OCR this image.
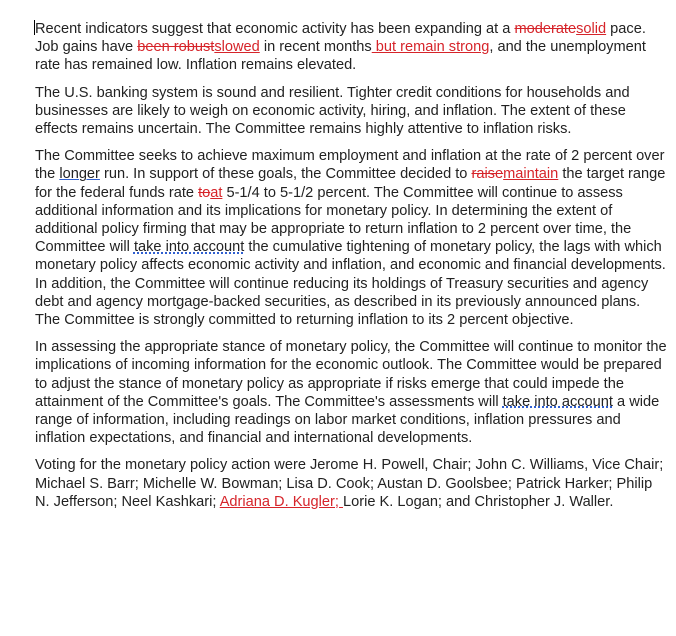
Recent indicators suggest that economic activity has been expanding at a moderatesolid pace. Job gains have been robustslowed in recent months but remain strong, and the unemployment rate has remained low. Inflation remains elevated.

The U.S. banking system is sound and resilient. Tighter credit conditions for households and businesses are likely to weigh on economic activity, hiring, and inflation. The extent of these effects remains uncertain. The Committee remains highly attentive to inflation risks.

The Committee seeks to achieve maximum employment and inflation at the rate of 2 percent over the longer run. In support of these goals, the Committee decided to raisemaintain the target range for the federal funds rate toat 5-1/4 to 5-1/2 percent. The Committee will continue to assess additional information and its implications for monetary policy. In determining the extent of additional policy firming that may be appropriate to return inflation to 2 percent over time, the Committee will take into account the cumulative tightening of monetary policy, the lags with which monetary policy affects economic activity and inflation, and economic and financial developments. In addition, the Committee will continue reducing its holdings of Treasury securities and agency debt and agency mortgage-backed securities, as described in its previously announced plans. The Committee is strongly committed to returning inflation to its 2 percent objective.

In assessing the appropriate stance of monetary policy, the Committee will continue to monitor the implications of incoming information for the economic outlook. The Committee would be prepared to adjust the stance of monetary policy as appropriate if risks emerge that could impede the attainment of the Committee's goals. The Committee's assessments will take into account a wide range of information, including readings on labor market conditions, inflation pressures and inflation expectations, and financial and international developments.

Voting for the monetary policy action were Jerome H. Powell, Chair; John C. Williams, Vice Chair; Michael S. Barr; Michelle W. Bowman; Lisa D. Cook; Austan D. Goolsbee; Patrick Harker; Philip N. Jefferson; Neel Kashkari; Adriana D. Kugler; Lorie K. Logan; and Christopher J. Waller.
